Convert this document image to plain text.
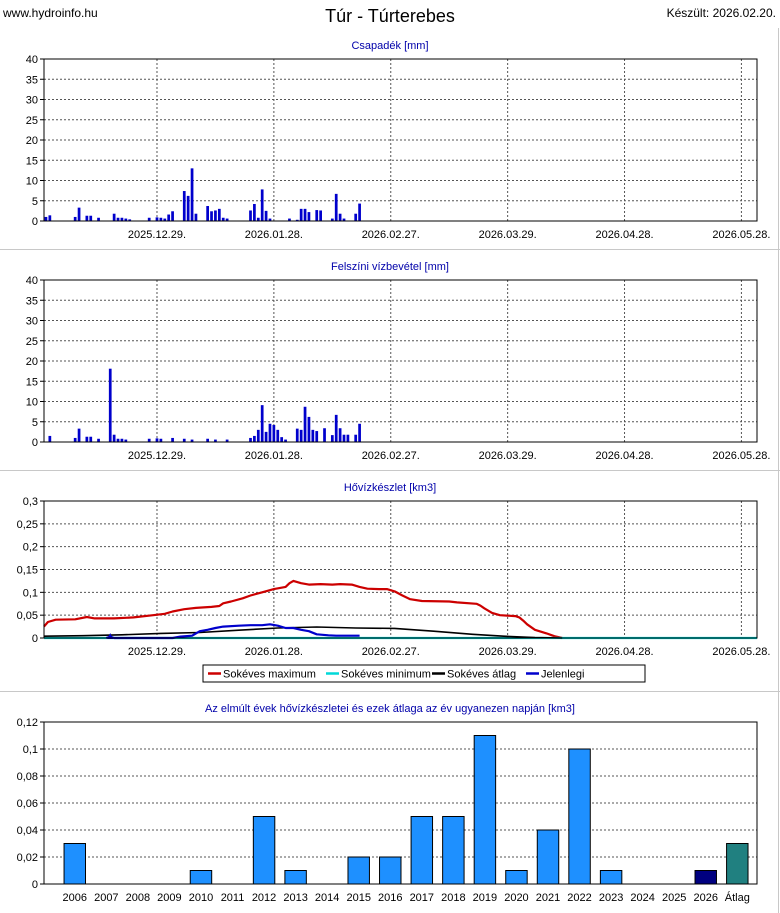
www.hydroinfo.hu	Túr - Túrterebes	Készült: 2026.02.20.
Csapadék [mm]
0
5
10
15
20
25
30
35
40
2025.12.29.	2026.01.28.	2026.02.27.	2026.03.29.	2026.04.28.	2026.05.28.
Felszíni vízbevétel [mm]
0
5
10
15
20
25
30
35
40
2025.12.29.	2026.01.28.	2026.02.27.	2026.03.29.	2026.04.28.	2026.05.28.
Hővízkészlet [km3]
0
0,05
0,1
0,15
0,2
0,25
0,3
2025.12.29.	2026.01.28.	2026.02.27.	2026.03.29.	2026.04.28.	2026.05.28.
Sokéves maximum Sokéves minimum Sokéves átlag Jelenlegi
Az elmúlt évek hővízkészletei és ezek átlaga az év ugyanezen napján [km3]
0
0,02
0,04
0,06
0,08
0,1
0,12
2006 2007 2008 2009 2010 2011 2012 2013 2014 2015 2016 2017 2018 2019 2020 2021 2022 2023 2024 2025 2026 Átlag
